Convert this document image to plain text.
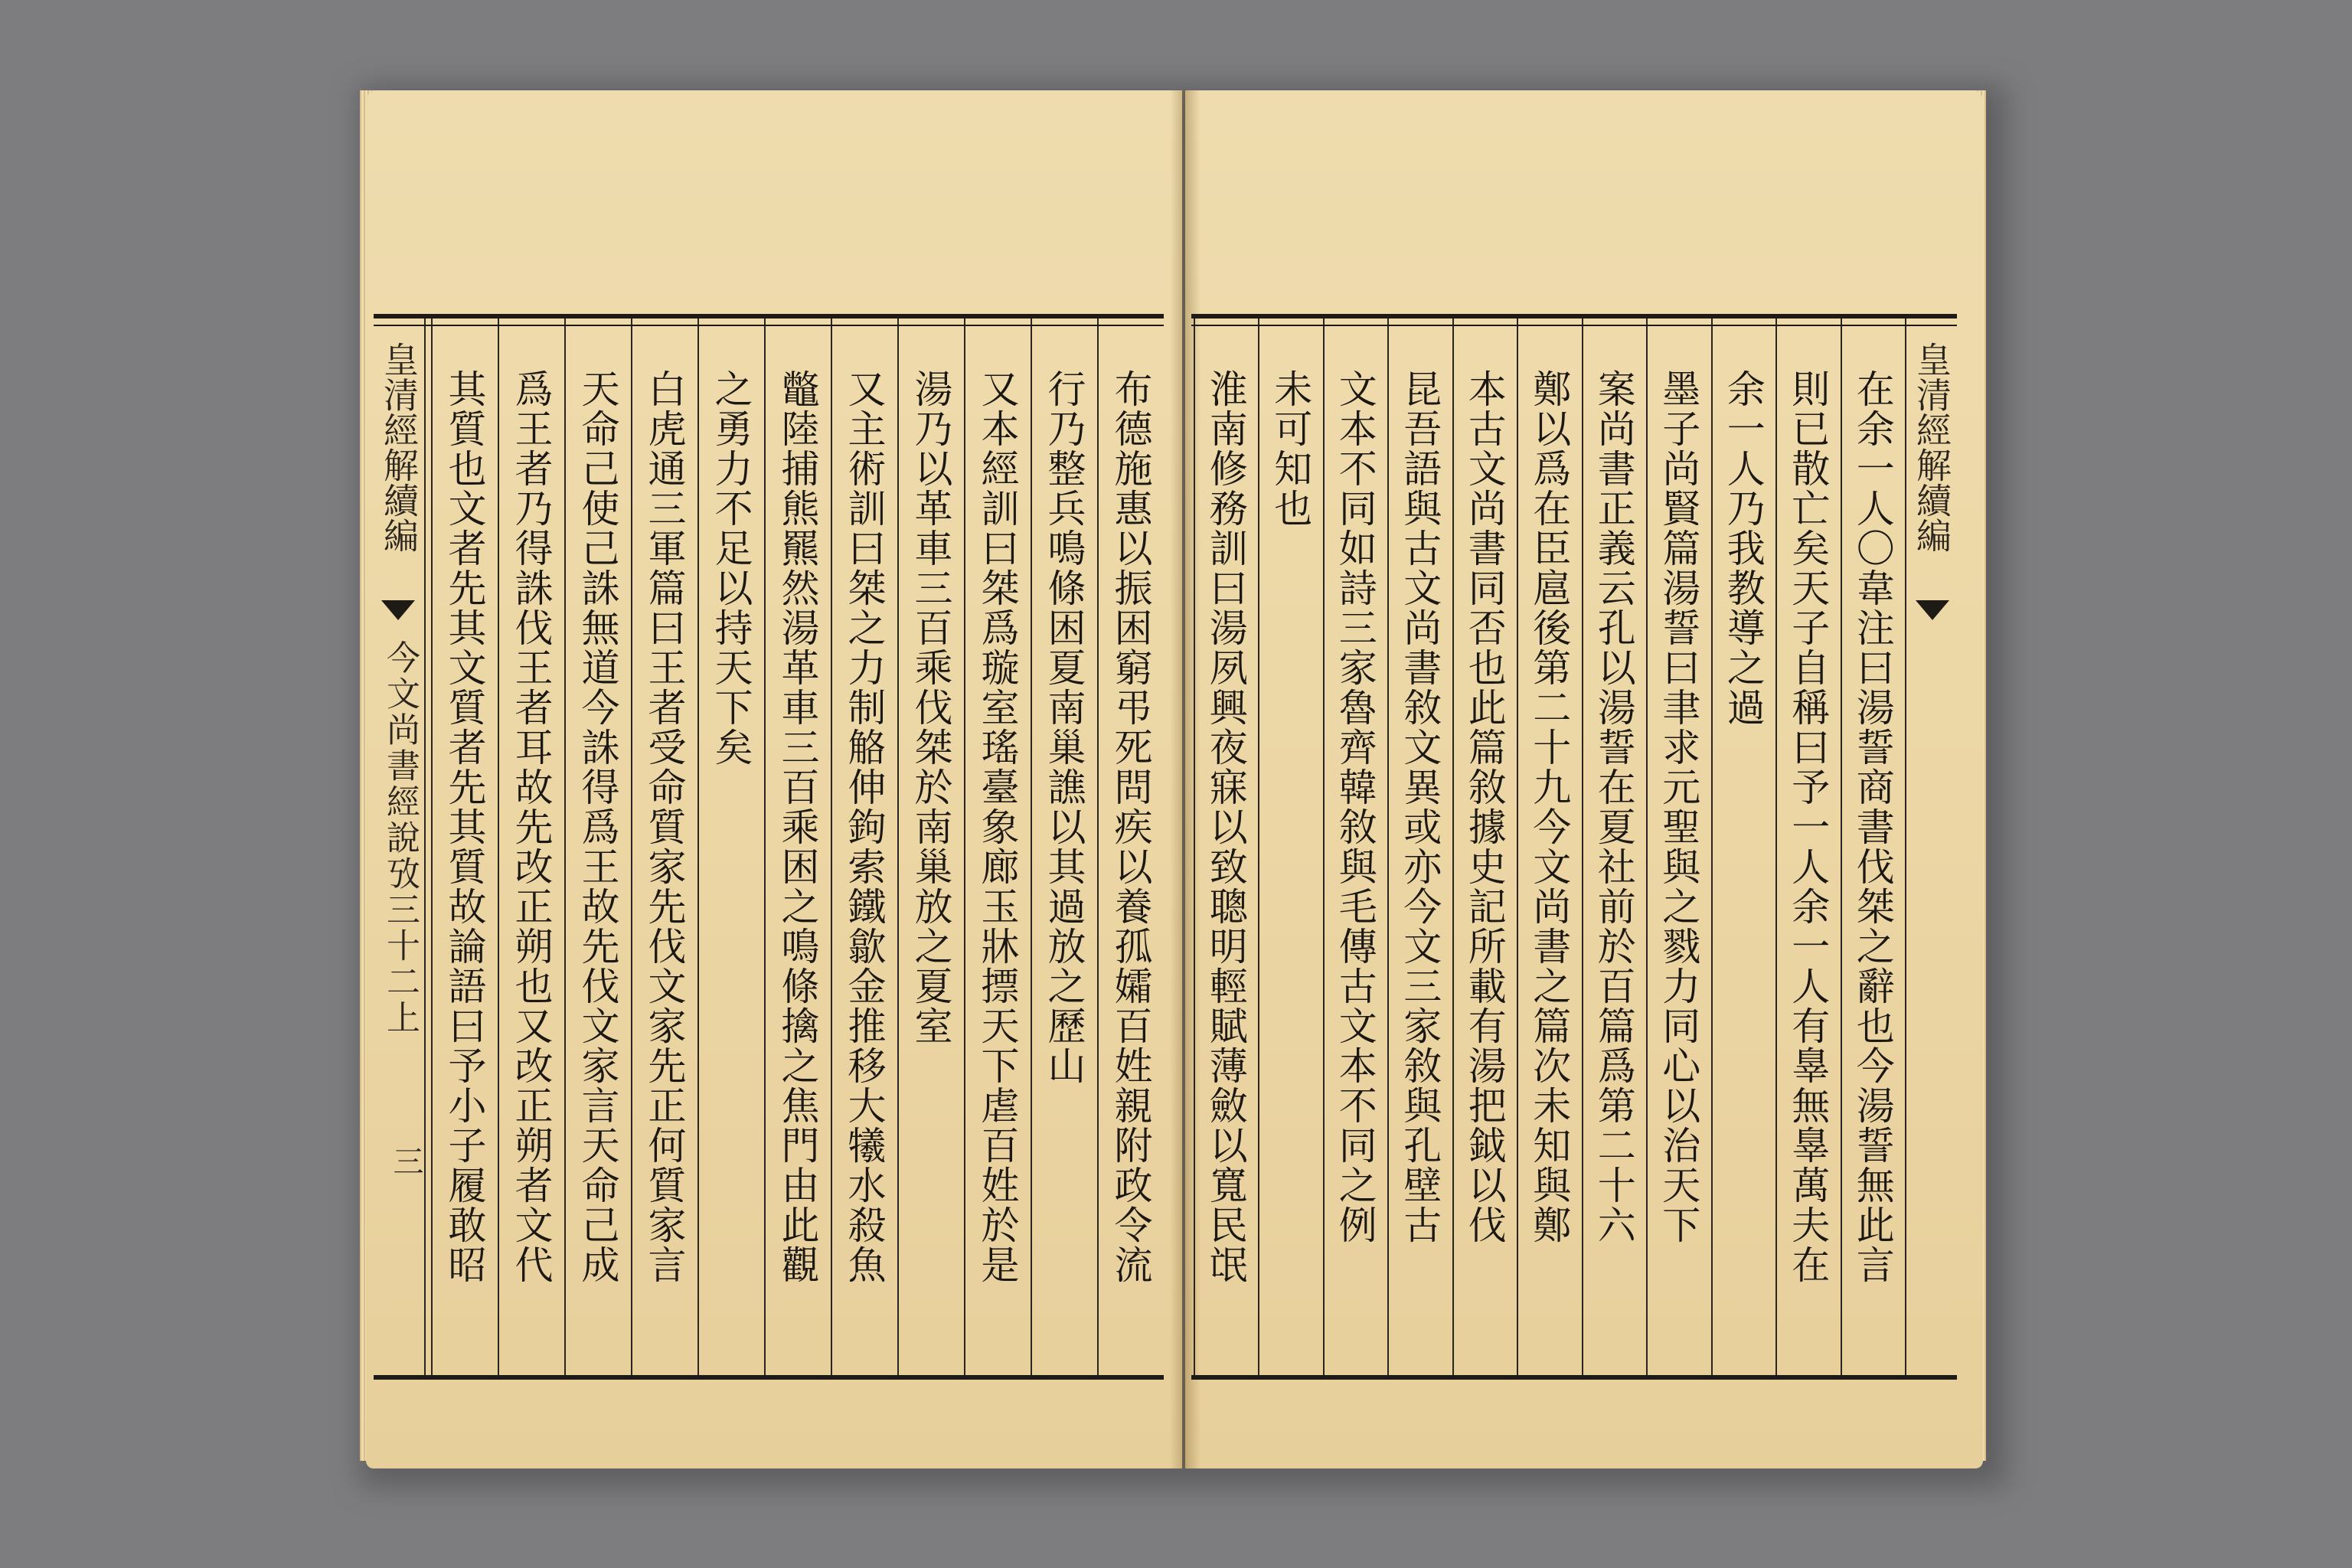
皇清經解續編
今文尚書經說攷三十二上
三	布德施惠以振困窮弔死問疾以養孤孀百姓親附政令流
行乃整兵鳴條困夏南巢譙以其過放之歷山
又本經訓曰桀爲璇室瑤臺象廊玉牀摽天下虐百姓於是
湯乃以革車三百乘伐桀於南巢放之夏室
又主術訓曰桀之力制觡伸鉤索鐵歙金推移大犧水殺魚
鼈陸捕熊羆然湯革車三百乘困之鳴條擒之焦門由此觀
之勇力不足以持天下矣
白虎通三軍篇曰王者受命質家先伐文家先正何質家言
天命己使己誅無道今誅得爲王故先伐文家言天命己成
爲王者乃得誅伐王者耳故先改正朔也又改正朔者文代
其質也文者先其文質者先其質故論語曰予小子履敢昭	在余一人〇韋注曰湯誓商書伐桀之辭也今湯誓無此言
則已散亡矣天子自稱曰予一人余一人有辠無辠萬夫在
余一人乃我教導之過
墨子尚賢篇湯誓曰聿求元聖與之戮力同心以治天下
案尚書正義云孔以湯誓在夏社前於百篇爲第二十六
鄭以爲在臣扈後第二十九今文尚書之篇次未知與鄭
本古文尚書同否也此篇敘據史記所載有湯把鉞以伐
昆吾語與古文尚書敘文異或亦今文三家敘與孔壁古
文本不同如詩三家魯齊韓敘與毛傳古文本不同之例
未可知也
淮南修務訓曰湯夙興夜寐以致聰明輕賦薄斂以寬民氓	皇清經解續編
